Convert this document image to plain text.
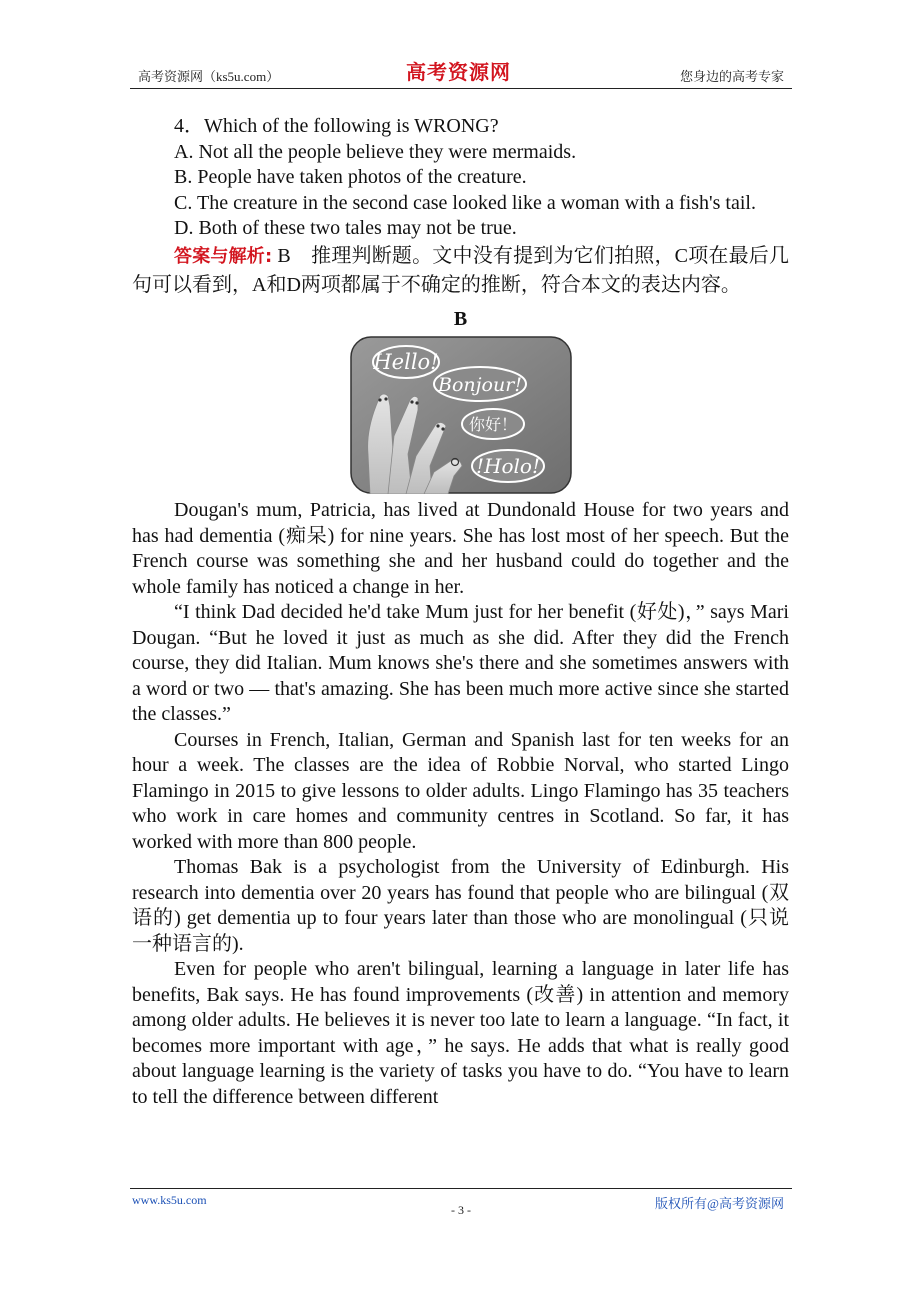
高考资源网（ks5u.com）	高考资源网	您身边的高考专家

4．Which of the following is WRONG?

A. Not all the people believe they were mermaids.

B. People have taken photos of the creature.

C. The creature in the second case looked like a woman with a fish's tail.

D. Both of these two tales may not be true.

答案与解析: B　推理判断题。文中没有提到为它们拍照，C项在最后几句可以看到，A和D两项都属于不确定的推断，符合本文的表达内容。

B
Hello!
Bonjour!
你好！
!Holo!

Dougan's mum, Patricia, has lived at Dundonald House for two years and has had dementia (痴呆) for nine years. She has lost most of her speech. But the French course was something she and her husband could do together and the whole family has noticed a change in her.

“I think Dad decided he'd take Mum just for her benefit (好处)，” says Mari Dougan. “But he loved it just as much as she did. After they did the French course, they did Italian. Mum knows she's there and she sometimes answers with a word or two — that's amazing. She has been much more active since she started the classes.”

Courses in French, Italian, German and Spanish last for ten weeks for an hour a week. The classes are the idea of Robbie Norval, who started Lingo Flamingo in 2015 to give lessons to older adults. Lingo Flamingo has 35 teachers who work in care homes and community centres in Scotland. So far, it has worked with more than 800 people.

Thomas Bak is a psychologist from the University of Edinburgh. His research into dementia over 20 years has found that people who are bilingual (双语的) get dementia up to four years later than those who are monolingual (只说一种语言的).

Even for people who aren't bilingual, learning a language in later life has benefits, Bak says. He has found improvements (改善) in attention and memory among older adults. He believes it is never too late to learn a language. “In fact, it becomes more important with age，” he says. He adds that what is really good about language learning is the variety of tasks you have to do. “You have to learn to tell the difference between different

www.ks5u.com
- 3 -	版权所有@高考资源网
